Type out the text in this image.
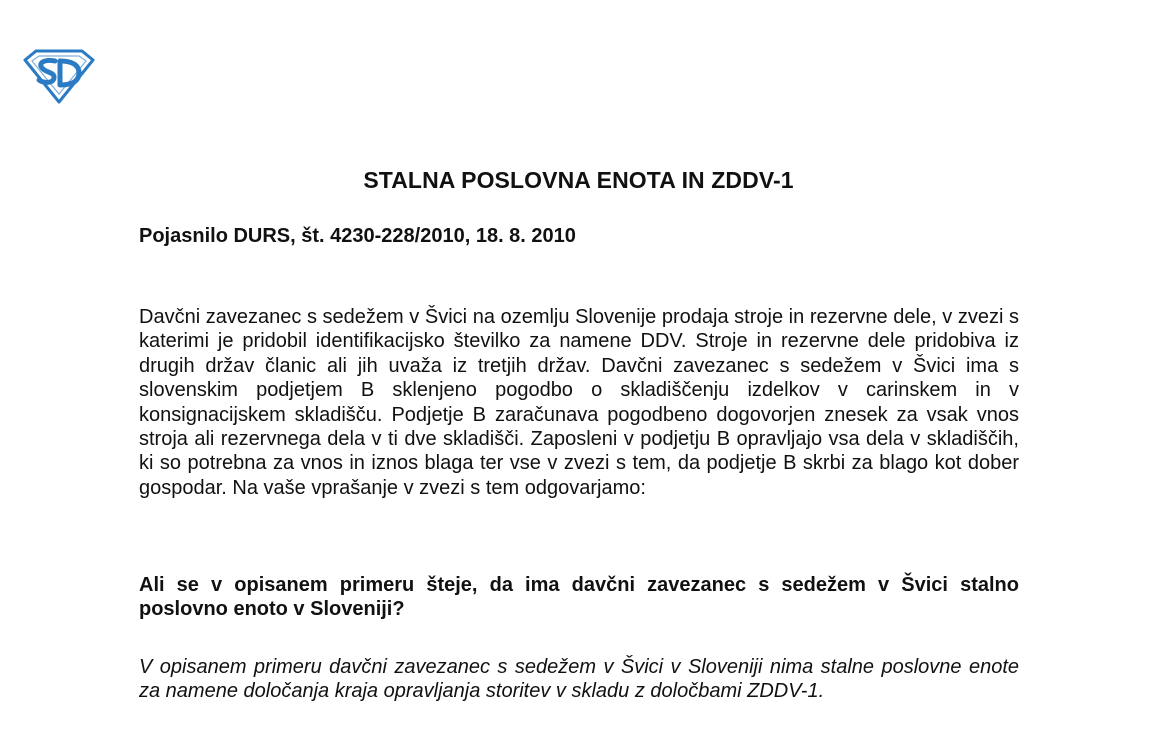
STALNA POSLOVNA ENOTA IN ZDDV-1
Pojasnilo DURS, št. 4230-228/2010, 18. 8. 2010

Davčni zavezanec s sedežem v Švici na ozemlju Slovenije prodaja stroje in rezervne dele, v zvezi s katerimi je pridobil identifikacijsko številko za namene DDV. Stroje in rezervne dele pridobiva iz drugih držav članic ali jih uvaža iz tretjih držav. Davčni zavezanec s sedežem v Švici ima s slovenskim podjetjem B sklenjeno pogodbo o skladiščenju izdelkov v carinskem in v konsignacijskem skladišču. Podjetje B zaračunava pogodbeno dogovorjen znesek za vsak vnos stroja ali rezervnega dela v ti dve skladišči. Zaposleni v podjetju B opravljajo vsa dela v skladiščih, ki so potrebna za vnos in iznos blaga ter vse v zvezi s tem, da podjetje B skrbi za blago kot dober gospodar. Na vaše vprašanje v zvezi s tem odgovarjamo:

Ali se v opisanem primeru šteje, da ima davčni zavezanec s sedežem v Švici stalno poslovno enoto v Sloveniji?

V opisanem primeru davčni zavezanec s sedežem v Švici v Sloveniji nima stalne poslovne enote za namene določanja kraja opravljanja storitev v skladu z določbami ZDDV-1.
